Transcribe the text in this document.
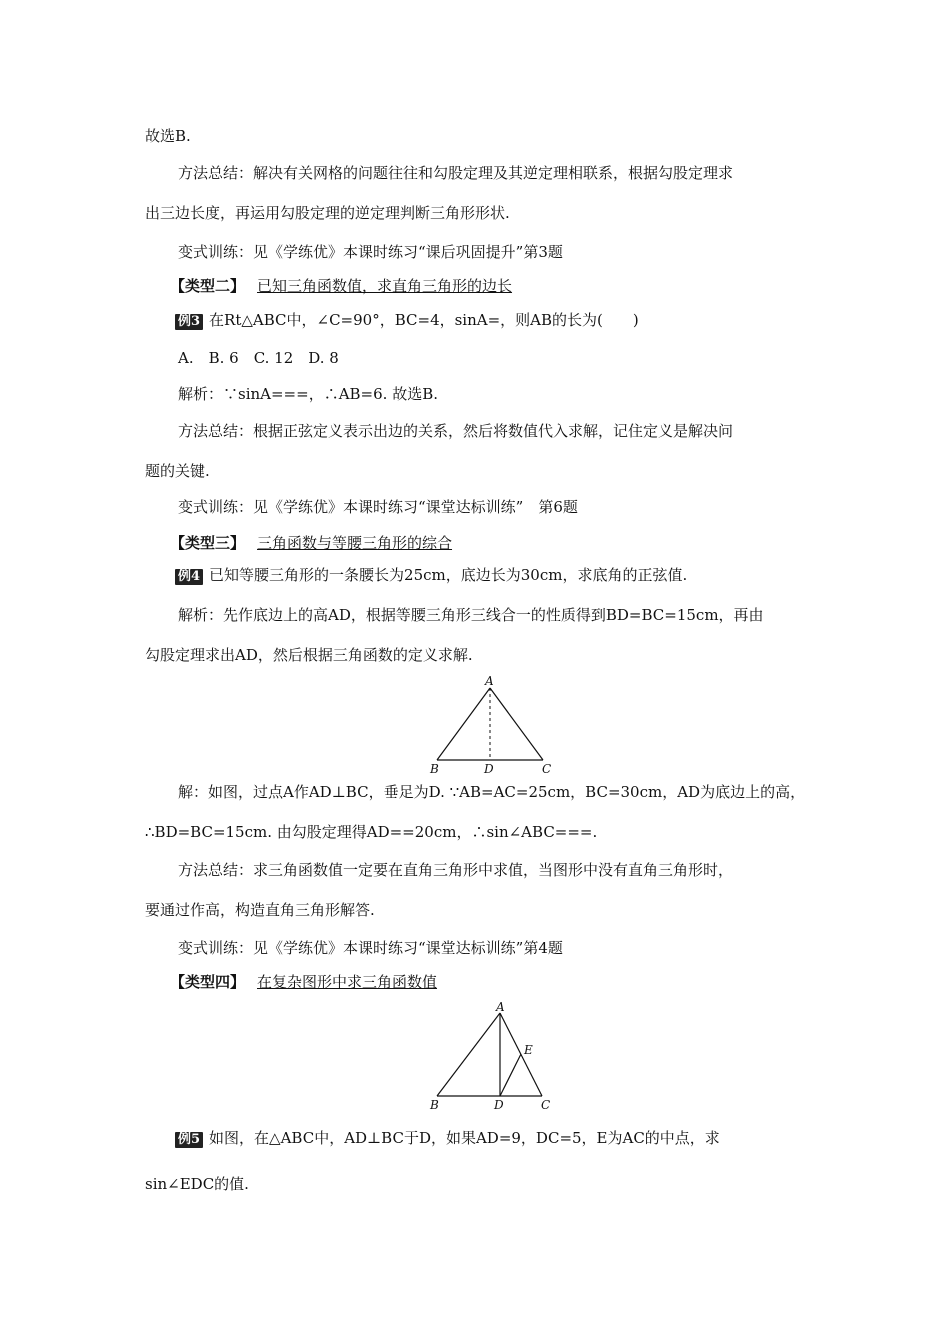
故选B.
方法总结：解决有关网格的问题往往和勾股定理及其逆定理相联系，根据勾股定理求
出三边长度，再运用勾股定理的逆定理判断三角形形状.
变式训练：见《学练优》本课时练习“课后巩固提升”第3题
【类型二】 已知三角函数值，求直角三角形的边长
例3 在Rt△ABC中，∠C=90°，BC=4，sinA=，则AB的长为(　　)
A.　B. 6　C. 12　D. 8
解析：∵sinA===，∴AB=6. 故选B.
方法总结：根据正弦定义表示出边的关系，然后将数值代入求解，记住定义是解决问
题的关键.
变式训练：见《学练优》本课时练习“课堂达标训练”　第6题
【类型三】 三角函数与等腰三角形的综合
例4 已知等腰三角形的一条腰长为25cm，底边长为30cm，求底角的正弦值.
解析：先作底边上的高AD，根据等腰三角形三线合一的性质得到BD=BC=15cm，再由
勾股定理求出AD，然后根据三角函数的定义求解.
A
B	D	C
解：如图，过点A作AD⊥BC，垂足为D. ∵AB=AC=25cm，BC=30cm，AD为底边上的高，
∴BD=BC=15cm. 由勾股定理得AD==20cm，∴sin∠ABC===.
方法总结：求三角函数值一定要在直角三角形中求值，当图形中没有直角三角形时，
要通过作高，构造直角三角形解答.
变式训练：见《学练优》本课时练习“课堂达标训练”第4题
【类型四】 在复杂图形中求三角函数值
A
E
B	D	C
例5 如图，在△ABC中，AD⊥BC于D，如果AD=9，DC=5，E为AC的中点，求
sin∠EDC的值.
